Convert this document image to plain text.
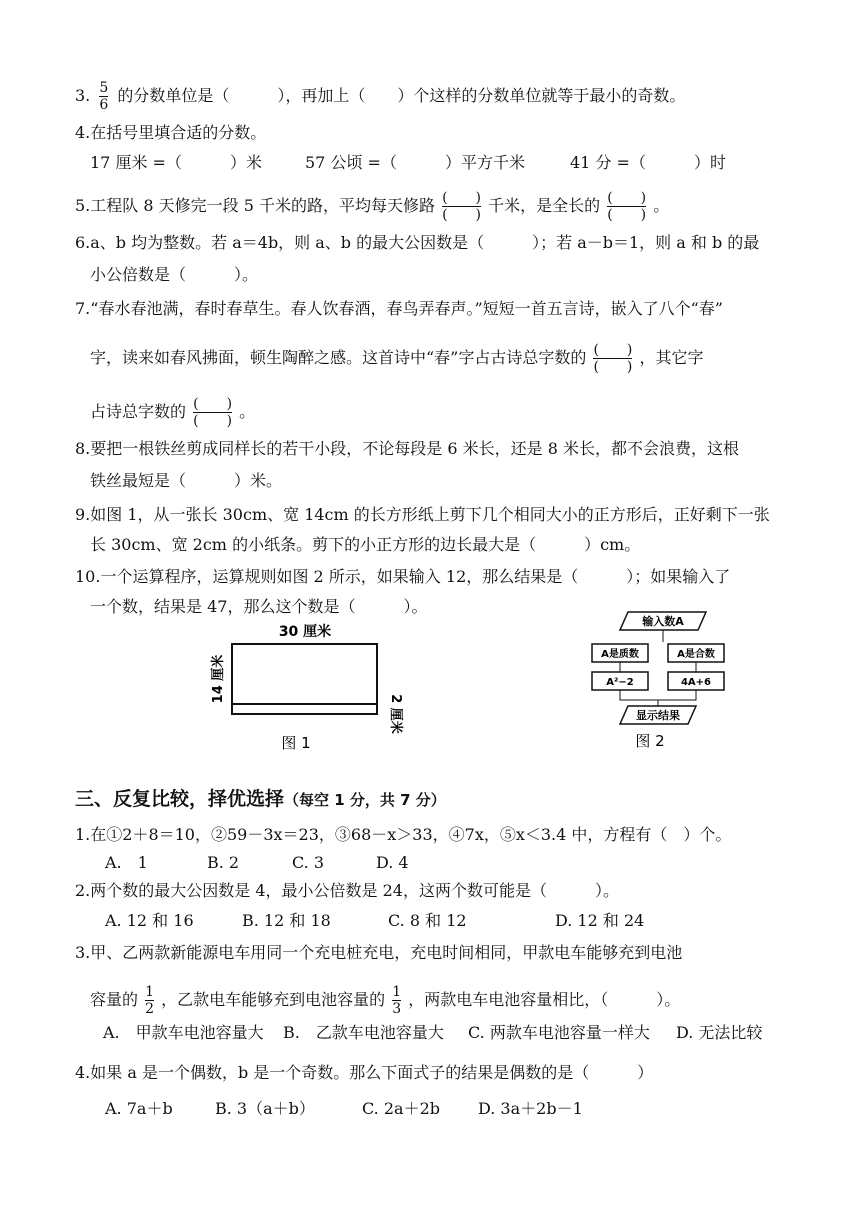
3. $\frac{5}{6}$ 的分数单位是（　　　），再加上（　　）个这样的分数单位就等于最小的奇数。
4.在括号里填合适的分数。
17 厘米 =（　　　）米	57 公顷 =（　　　）平方千米	41 分 =（　　　）时
5.工程队 8 天修完一段 5 千米的路，平均每天修路 $\frac{( )}{( )}$ 千米，是全长的 $\frac{( )}{( )}$ 。
6.a、b 均为整数。若 a＝4b，则 a、b 的最大公因数是（　　　）；若 a－b＝1，则 a 和 b 的最
小公倍数是（　　　）。
7.“春水春池满，春时春草生。春人饮春酒，春鸟弄春声。”短短一首五言诗，嵌入了八个“春”
字，读来如春风拂面，顿生陶醉之感。这首诗中“春”字占古诗总字数的 $\frac{( )}{( )}$ ，其它字
占诗总字数的 $\frac{( )}{( )}$ 。
8.要把一根铁丝剪成同样长的若干小段，不论每段是 6 米长，还是 8 米长，都不会浪费，这根
铁丝最短是（　　　）米。
9.如图 1，从一张长 30cm、宽 14cm 的长方形纸上剪下几个相同大小的正方形后，正好剩下一张
长 30cm、宽 2cm 的小纸条。剪下的小正方形的边长最大是（　　　）cm。
10.一个运算程序，运算规则如图 2 所示，如果输入 12，那么结果是（　　　）；如果输入了
一个数，结果是 47，那么这个数是（　　　）。
30 厘米
14 厘米
2 厘米
图 1
输入数A
A是质数	A是合数
A²−2	4A+6
显示结果
图 2
三、反复比较，择优选择（每空 1 分，共 7 分）
1.在①2＋8＝10，②59－3x＝23，③68－x＞33，④7x，⑤x＜3.4 中，方程有（　）个。
A.　1	B. 2	C. 3	D. 4
2.两个数的最大公因数是 4，最小公倍数是 24，这两个数可能是（　　　）。
A. 12 和 16	B. 12 和 18	C. 8 和 12	D. 12 和 24
3.甲、乙两款新能源电车用同一个充电桩充电，充电时间相同，甲款电车能够充到电池
容量的 $\frac{1}{2}$ ，乙款电车能够充到电池容量的 $\frac{1}{3}$ ，两款电车电池容量相比，（　　　）。
A.　甲款车电池容量大 B.　乙款车电池容量大 C. 两款车电池容量一样大 D. 无法比较
4.如果 a 是一个偶数，b 是一个奇数。那么下面式子的结果是偶数的是（　　　）
A. 7a＋b	B. 3（a＋b）	C. 2a＋2b D. 3a＋2b－1
